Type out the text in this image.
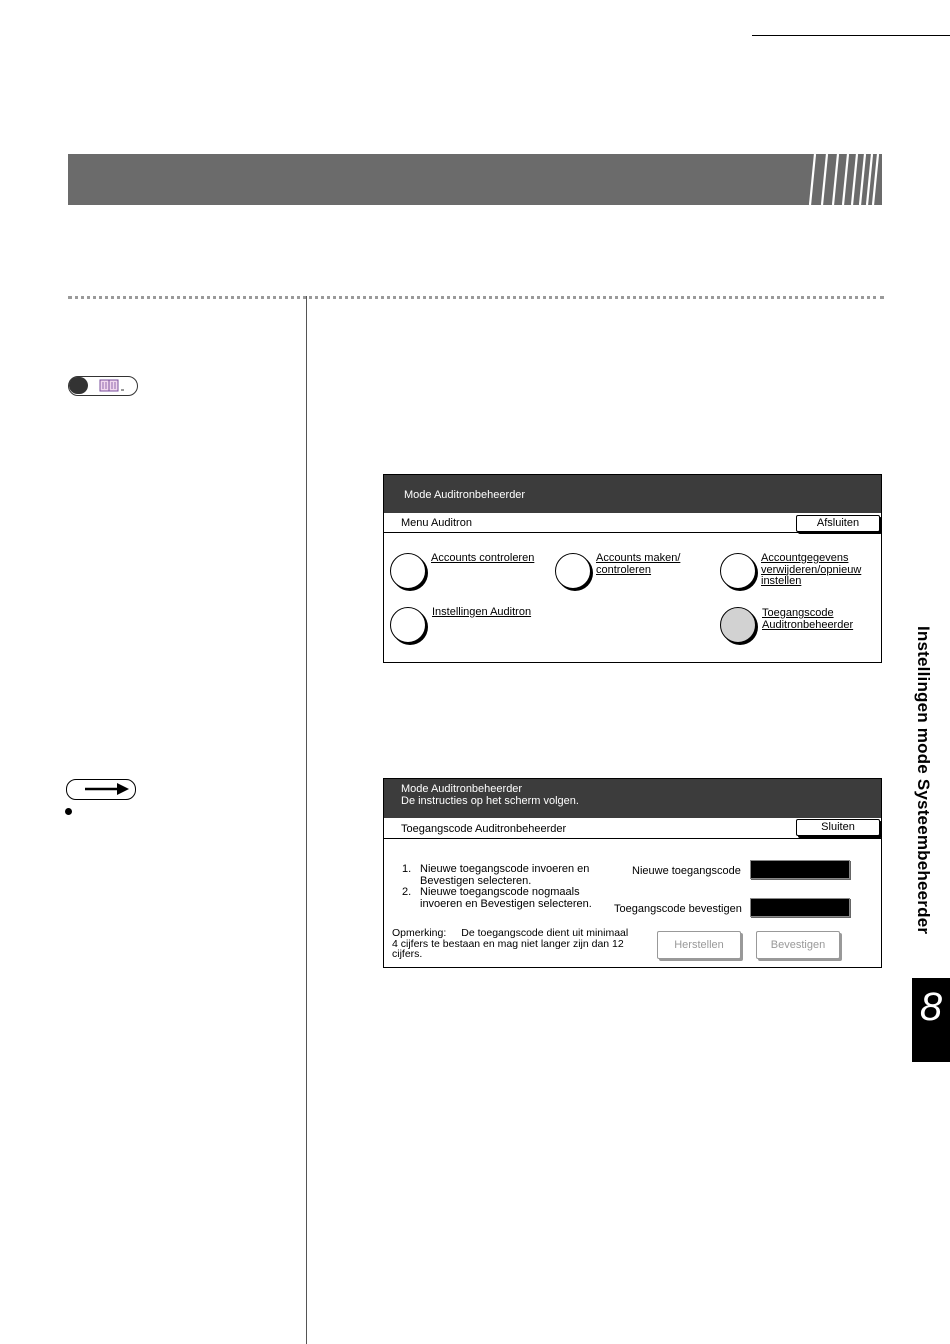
Instellingen mode Systeembeheerder
8
Mode Auditronbeheerder
Menu Auditron	Afsluiten
Accounts controleren	Accounts maken/
controleren
Accountgegevens
verwijderen/opnieuw
instellen
Instellingen Auditron	Toegangscode
Auditronbeheerder
Mode Auditronbeheerder
De instructies op het scherm volgen.
Toegangscode Auditronbeheerder	Sluiten
1. Nieuwe toegangscode invoeren en
Bevestigen selecteren.
2. Nieuwe toegangscode nogmaals
invoeren en Bevestigen selecteren.
Nieuwe toegangscode
Toegangscode bevestigen
Opmerking: De toegangscode dient uit minimaal
4 cijfers te bestaan en mag niet langer zijn dan 12
cijfers.
Herstellen	Bevestigen
